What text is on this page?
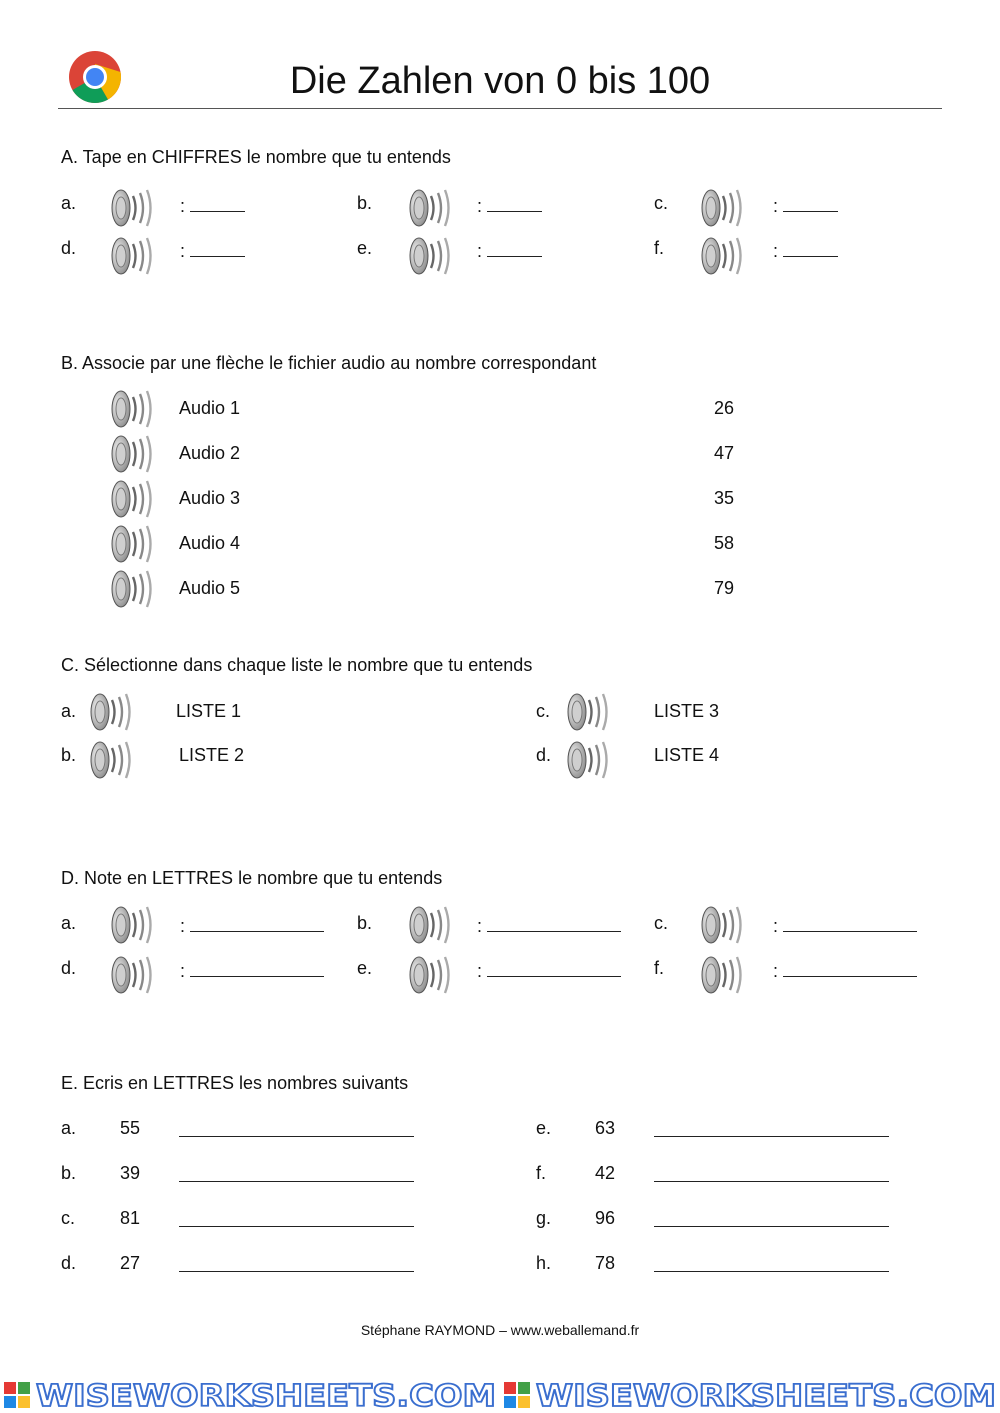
Die Zahlen von 0 bis 100
A. Tape en CHIFFRES le nombre que tu entends
a.	:	b.	:	c.	:
d.	:	e.	:	f.	:
B. Associe par une flèche le fichier audio au nombre correspondant
Audio 1	26
Audio 2	47
Audio 3	35
Audio 4	58
Audio 5	79
C. Sélectionne dans chaque liste le nombre que tu entends
a.	LISTE 1
b.	LISTE 2
c.	LISTE 3
d.	LISTE 4
D. Note en LETTRES le nombre que tu entends
a.	:	b.	:	c.	:
d.	:	e.	:	f.	:
E. Ecris en LETTRES les nombres suivants
a. 55
b. 39
c. 81
d. 27
e. 63
f.	42
g. 96
h. 78
Stéphane RAYMOND – www.weballemand.fr
WISEWORKSHEETS.COM WISEWORKSHEETS.COM
